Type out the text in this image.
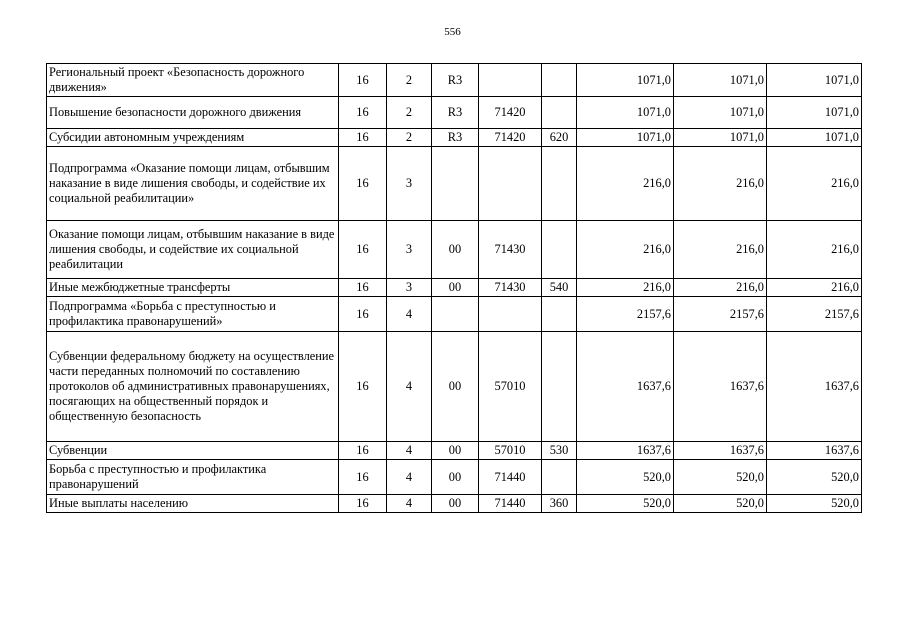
556
Региональный проект «Безопасность дорожного движения»	16	2	R3			1071,0	1071,0	1071,0
Повышение безопасности дорожного движения	16	2	R3	71420		1071,0	1071,0	1071,0
Субсидии автономным учреждениям	16	2	R3	71420	620	1071,0	1071,0	1071,0
Подпрограмма «Оказание помощи лицам, отбывшим наказание в виде лишения свободы, и содействие их социальной реабилитации»	16	3				216,0	216,0	216,0
Оказание помощи лицам, отбывшим наказание в виде лишения свободы, и содействие их социальной реабилитации	16	3	00	71430		216,0	216,0	216,0
Иные межбюджетные трансферты	16	3	00	71430	540	216,0	216,0	216,0
Подпрограмма «Борьба с преступностью и профилактика правонарушений»	16	4				2157,6	2157,6	2157,6
Субвенции федеральному бюджету на осуществление части переданных полномочий по составлению протоколов об административных правонарушениях, посягающих на общественный порядок и общественную безопасность	16	4	00	57010		1637,6	1637,6	1637,6
Субвенции	16	4	00	57010	530	1637,6	1637,6	1637,6
Борьба с преступностью и профилактика правонарушений	16	4	00	71440		520,0	520,0	520,0
Иные выплаты населению	16	4	00	71440	360	520,0	520,0	520,0
